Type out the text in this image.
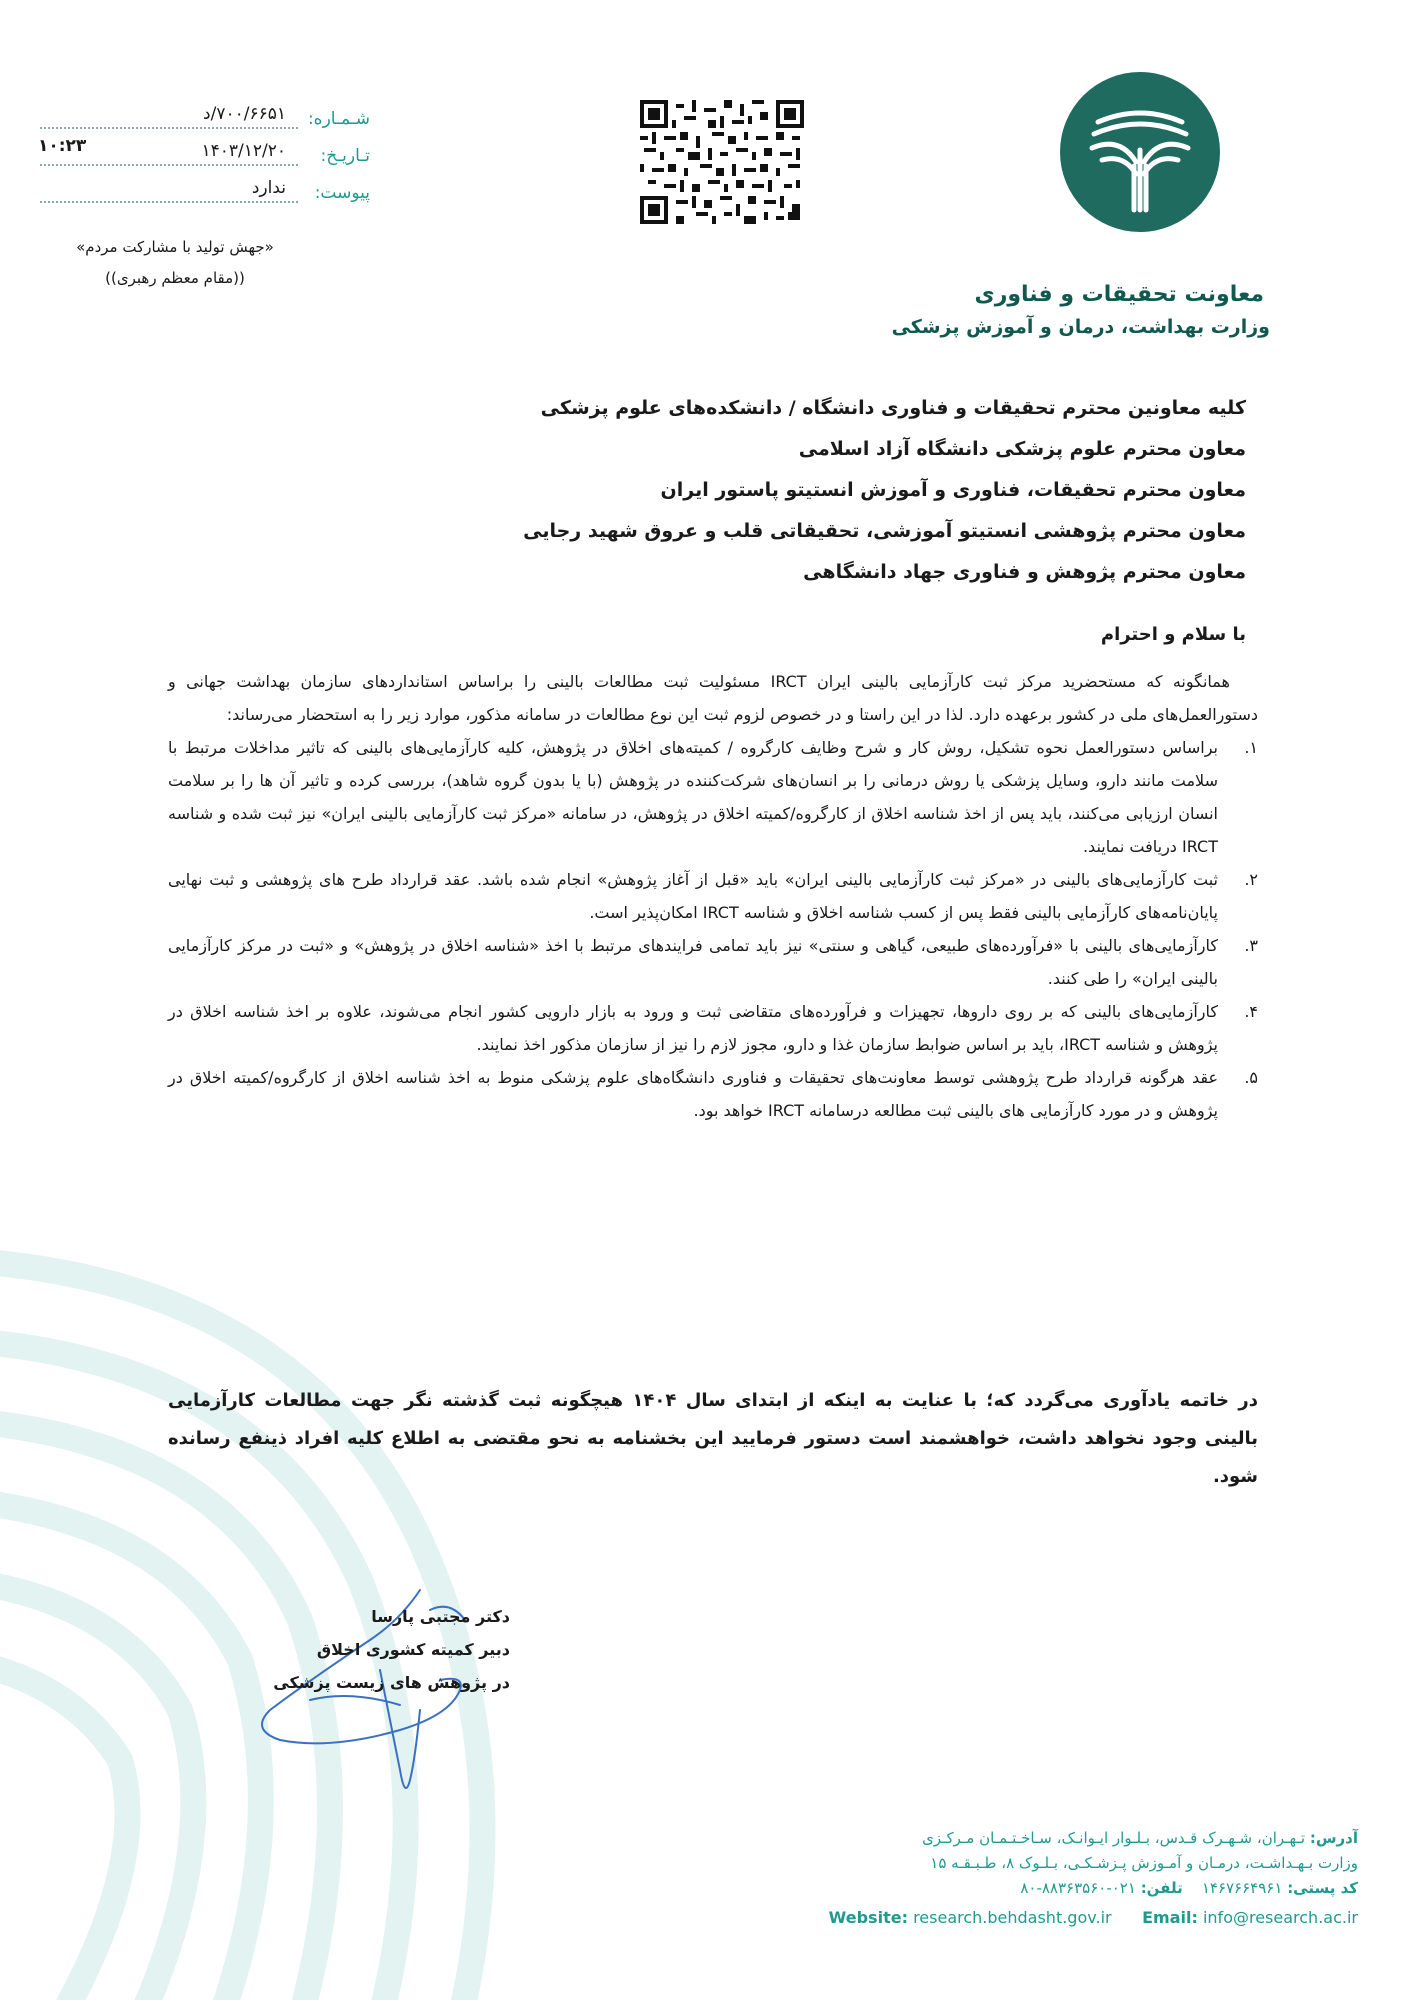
شـمـاره:
۷۰۰/۶۶۵۱/د
تـاریـخ:
۱۴۰۳/۱۲/۲۰
پیوست:
ندارد
۱۰:۲۳
«جهش تولید با مشارکت مردم»
((مقام معظم رهبری))
معاونت تحقیقات و فناوری
وزارت بهداشت، درمان و آموزش پزشکی
کلیه معاونین محترم تحقیقات و فناوری دانشگاه / دانشکده‌های علوم پزشکی
معاون محترم علوم پزشکی دانشگاه آزاد اسلامی
معاون محترم تحقیقات، فناوری و آموزش انستیتو پاستور ایران
معاون محترم پژوهشی انستیتو آموزشی، تحقیقاتی قلب و عروق شهید رجایی
معاون محترم پژوهش و فناوری جهاد دانشگاهی
با سلام و احترام
همانگونه که مستحضرید مرکز ثبت کارآزمایی بالینی ایران IRCT مسئولیت ثبت مطالعات بالینی را براساس استانداردهای سازمان بهداشت جهانی و دستورالعمل‌های ملی در کشور برعهده دارد. لذا در این راستا و در خصوص لزوم ثبت این نوع مطالعات در سامانه مذکور، موارد زیر را به استحضار می‌رساند:
۱.
براساس دستورالعمل نحوه تشکیل، روش کار و شرح وظایف کارگروه / کمیته‌های اخلاق در پژوهش، کلیه کارآزمایی‌های بالینی که تاثیر مداخلات مرتبط با سلامت مانند دارو، وسایل پزشکی یا روش درمانی را بر انسان‌های شرکت‌کننده در پژوهش (با یا بدون گروه شاهد)، بررسی کرده و تاثیر آن ها را بر سلامت انسان ارزیابی می‌کنند، باید پس از اخذ شناسه اخلاق از کارگروه/کمیته اخلاق در پژوهش، در سامانه «مرکز ثبت کارآزمایی بالینی ایران» نیز ثبت شده و شناسه IRCT دریافت نمایند.
۲.
ثبت کارآزمایی‌های بالینی در «مرکز ثبت کارآزمایی بالینی ایران» باید «قبل از آغاز پژوهش» انجام شده باشد. عقد قرارداد طرح های پژوهشی و ثبت نهایی پایان‌نامه‌های کارآزمایی بالینی فقط پس از کسب شناسه اخلاق و شناسه IRCT امکان‌پذیر است.
۳.
کارآزمایی‌های بالینی با «فرآورده‌های طبیعی، گیاهی و سنتی» نیز باید تمامی فرایندهای مرتبط با اخذ «شناسه اخلاق در پژوهش» و «ثبت در مرکز کارآزمایی بالینی ایران» را طی کنند.
۴.
کارآزمایی‌های بالینی که بر روی داروها، تجهیزات و فرآورده‌های متقاضی ثبت و ورود به بازار دارویی کشور انجام می‌شوند، علاوه بر اخذ شناسه اخلاق در پژوهش و شناسه IRCT، باید بر اساس ضوابط سازمان غذا و دارو، مجوز لازم را نیز از سازمان مذکور اخذ نمایند.
۵.
عقد هرگونه قرارداد طرح پژوهشی توسط معاونت‌های تحقیقات و فناوری دانشگاه‌های علوم پزشکی منوط به اخذ شناسه اخلاق از کارگروه/کمیته اخلاق در پژوهش و در مورد کارآزمایی های بالینی ثبت مطالعه درسامانه IRCT خواهد بود.
در خاتمه یادآوری می‌گردد که؛ با عنایت به اینکه از ابتدای سال ۱۴۰۴ هیچگونه ثبت گذشته نگر جهت مطالعات کارآزمایی بالینی وجود نخواهد داشت، خواهشمند است دستور فرمایید این بخشنامه به نحو مقتضی به اطلاع کلیه افراد ذینفع رسانده شود.
دکتر مجتبی پارسا
دبیر کمیته کشوری اخلاق
در پژوهش های زیست پزشکی
آدرس: تـهـران، شـهـرک قـدس، بـلـوار ایـوانـک، سـاخـتـمـان مـرکـزی
وزارت بـهـداشـت، درمـان و آمـوزش پـزشـکـی، بـلـوک ۸، طـبـقـه ۱۵
کد پستی: ۱۴۶۷۶۶۴۹۶۱    تلفن: ۰۲۱-۸۸۳۶۳۵۶۰-۸۰
Website: research.behdasht.gov.ir Email: info@research.ac.ir
